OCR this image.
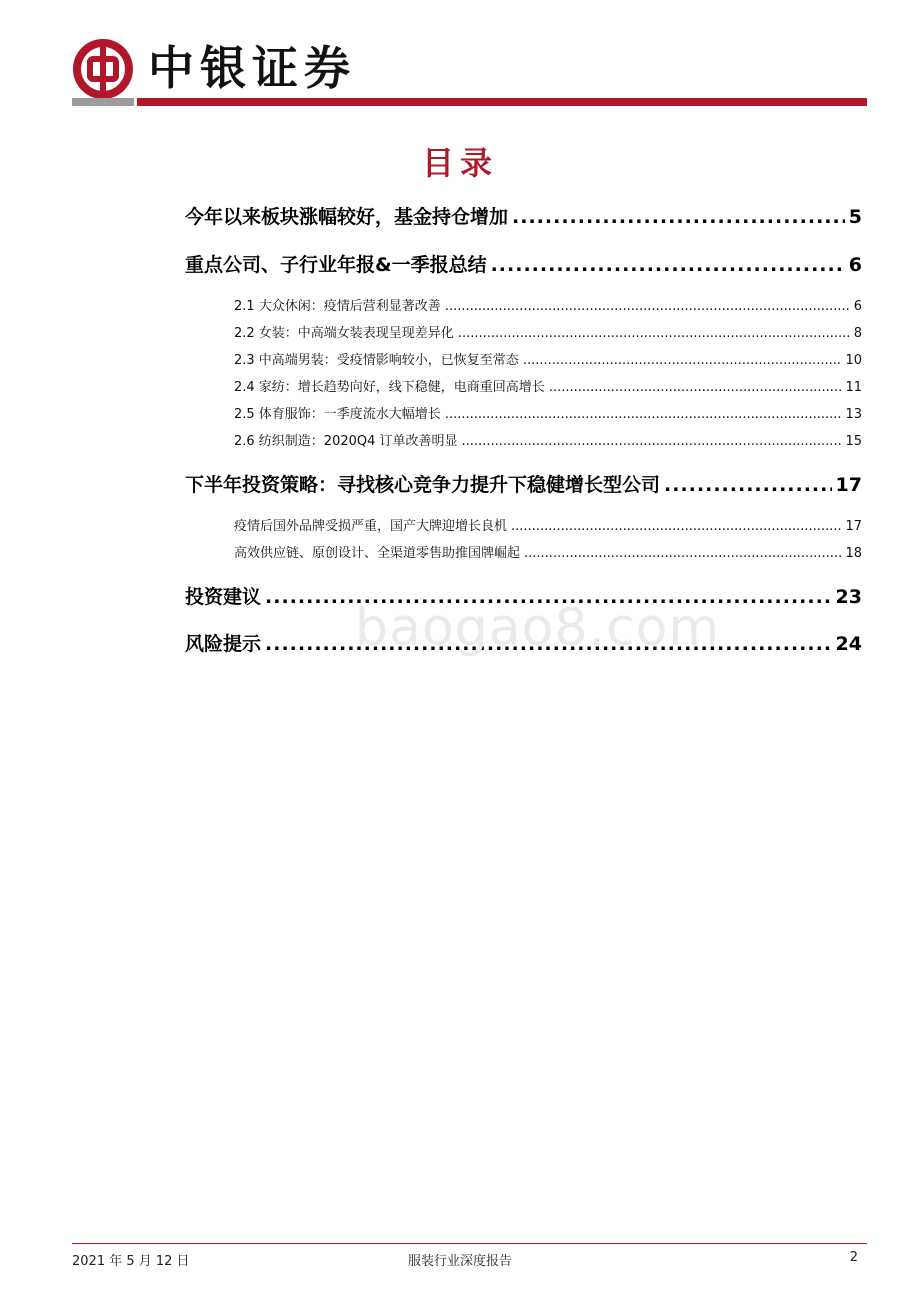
中银证券
目录
今年以来板块涨幅较好，基金持仓增加 .....	5
重点公司、子行业年报&一季报总结 .....	6
2.1 大众休闲：疫情后营利显著改善 .....	6
2.2 女装：中高端女装表现呈现差异化 .....	8
2.3 中高端男装：受疫情影响较小，已恢复至常态 .....	10
2.4 家纺：增长趋势向好，线下稳健，电商重回高增长 .....	11
2.5 体育服饰：一季度流水大幅增长 .....	13
2.6 纺织制造：2020Q4 订单改善明显 .....	15
下半年投资策略：寻找核心竞争力提升下稳健增长型公司 .....	17
疫情后国外品牌受损严重，国产大牌迎增长良机 .....	17
高效供应链、原创设计、全渠道零售助推国牌崛起 .....	18
投资建议 .....	23
风险提示 .....	24
baogao8.com
2021 年 5 月 12 日	服装行业深度报告	2
